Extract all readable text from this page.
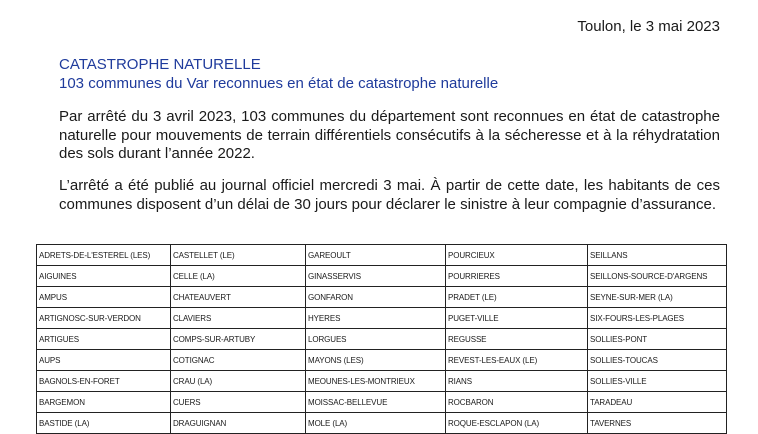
Toulon, le 3 mai 2023
CATASTROPHE NATURELLE
103 communes du Var reconnues en état de catastrophe naturelle

Par arrêté du 3 avril 2023, 103 communes du département sont reconnues en état de catastrophe naturelle pour mouvements de terrain différentiels consécutifs à la sécheresse et à la réhydratation des sols durant l’année 2022.

L’arrêté a été publié au journal officiel mercredi 3 mai. À partir de cette date, les habitants de ces communes disposent d’un délai de 30 jours pour déclarer le sinistre à leur compagnie d’assurance.

ADRETS-DE-L'ESTEREL (LES)	CASTELLET (LE)	GAREOULT	POURCIEUX	SEILLANS
AIGUINES	CELLE (LA)	GINASSERVIS	POURRIERES	SEILLONS-SOURCE-D'ARGENS
AMPUS	CHATEAUVERT	GONFARON	PRADET (LE)	SEYNE-SUR-MER (LA)
ARTIGNOSC-SUR-VERDON	CLAVIERS	HYERES	PUGET-VILLE	SIX-FOURS-LES-PLAGES
ARTIGUES	COMPS-SUR-ARTUBY	LORGUES	REGUSSE	SOLLIES-PONT
AUPS	COTIGNAC	MAYONS (LES)	REVEST-LES-EAUX (LE)	SOLLIES-TOUCAS
BAGNOLS-EN-FORET	CRAU (LA)	MEOUNES-LES-MONTRIEUX	RIANS	SOLLIES-VILLE
BARGEMON	CUERS	MOISSAC-BELLEVUE	ROCBARON	TARADEAU
BASTIDE (LA)	DRAGUIGNAN	MOLE (LA)	ROQUE-ESCLAPON (LA)	TAVERNES
